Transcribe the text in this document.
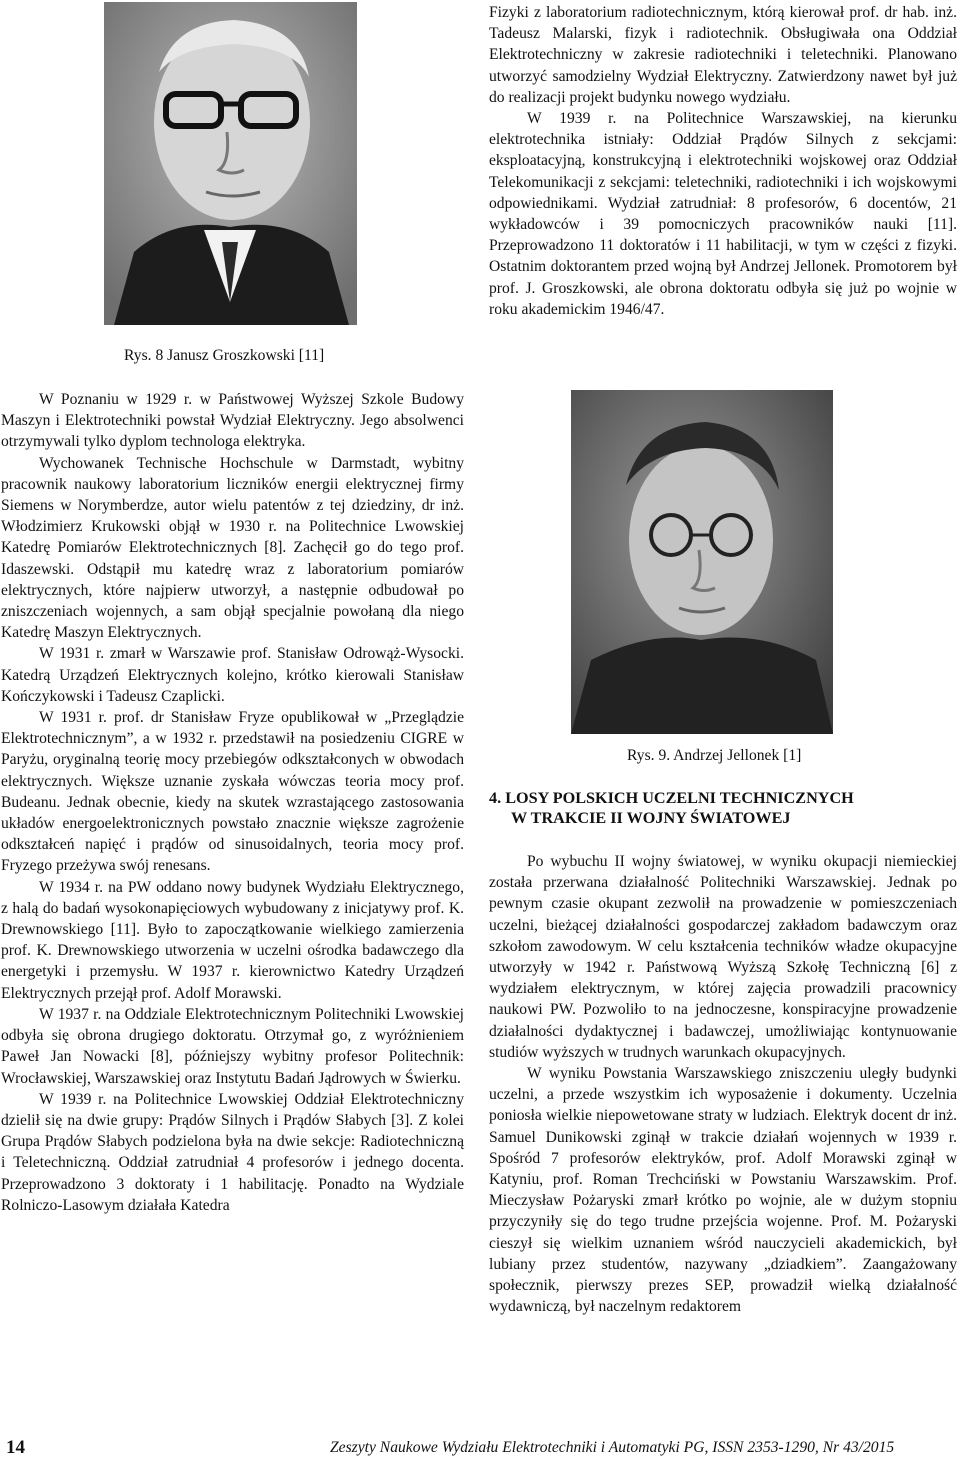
Rys. 8 Janusz Groszkowski [11]
Rys. 9. Andrzej Jellonek [1]

Fizyki z laboratorium radiotechnicznym, którą kierował prof. dr hab. inż. Tadeusz Malarski, fizyk i radiotechnik. Obsługiwała ona Oddział Elektrotechniczny w zakresie radiotechniki i teletechniki. Planowano utworzyć samodzielny Wydział Elektryczny. Zatwierdzony nawet był już do realizacji projekt budynku nowego wydziału.

W 1939 r. na Politechnice Warszawskiej, na kierunku elektrotechnika istniały: Oddział Prądów Silnych z sekcjami: eksploatacyjną, konstrukcyjną i elektrotechniki wojskowej oraz Oddział Telekomunikacji z sekcjami: teletechniki, radiotechniki i ich wojskowymi odpowiednikami. Wydział zatrudniał: 8 profesorów, 6 docentów, 21 wykładowców i 39 pomocniczych pracowników nauki [11]. Przeprowadzono 11 doktoratów i 11 habilitacji, w tym w części z fizyki. Ostatnim doktorantem przed wojną był Andrzej Jellonek. Promotorem był prof. J. Groszkowski, ale obrona doktoratu odbyła się już po wojnie w roku akademickim 1946/47.

W Poznaniu w 1929 r. w Państwowej Wyższej Szkole Budowy Maszyn i Elektrotechniki powstał Wydział Elektryczny. Jego absolwenci otrzymywali tylko dyplom technologa elektryka.

Wychowanek Technische Hochschule w Darmstadt, wybitny pracownik naukowy laboratorium liczników energii elektrycznej firmy Siemens w Norymberdze, autor wielu patentów z tej dziedziny, dr inż. Włodzimierz Krukowski objął w 1930 r. na Politechnice Lwowskiej Katedrę Pomiarów Elektrotechnicznych [8]. Zachęcił go do tego prof. Idaszewski. Odstąpił mu katedrę wraz z laboratorium pomiarów elektrycznych, które najpierw utworzył, a następnie odbudował po zniszczeniach wojennych, a sam objął specjalnie powołaną dla niego Katedrę Maszyn Elektrycznych.

W 1931 r. zmarł w Warszawie prof. Stanisław Odrowąż-Wysocki. Katedrą Urządzeń Elektrycznych kolejno, krótko kierowali Stanisław Kończykowski i Tadeusz Czaplicki.

W 1931 r. prof. dr Stanisław Fryze opublikował w „Przeglądzie Elektrotechnicznym”, a w 1932 r. przedstawił na posiedzeniu CIGRE w Paryżu, oryginalną teorię mocy przebiegów odkształconych w obwodach elektrycznych. Większe uznanie zyskała wówczas teoria mocy prof. Budeanu. Jednak obecnie, kiedy na skutek wzrastającego zastosowania układów energoelektronicznych powstało znacznie większe zagrożenie odkształceń napięć i prądów od sinusoidalnych, teoria mocy prof. Fryzego przeżywa swój renesans.

W 1934 r. na PW oddano nowy budynek Wydziału Elektrycznego, z halą do badań wysokonapięciowych wybudowany z inicjatywy prof. K. Drewnowskiego [11]. Było to zapoczątkowanie wielkiego zamierzenia prof. K. Drewnowskiego utworzenia w uczelni ośrodka badawczego dla energetyki i przemysłu. W 1937 r. kierownictwo Katedry Urządzeń Elektrycznych przejął prof. Adolf Morawski.

W 1937 r. na Oddziale Elektrotechnicznym Politechniki Lwowskiej odbyła się obrona drugiego doktoratu. Otrzymał go, z wyróżnieniem Paweł Jan Nowacki [8], późniejszy wybitny profesor Politechnik: Wrocławskiej, Warszawskiej oraz Instytutu Badań Jądrowych w Świerku.

W 1939 r. na Politechnice Lwowskiej Oddział Elektrotechniczny dzielił się na dwie grupy: Prądów Silnych i Prądów Słabych [3]. Z kolei Grupa Prądów Słabych podzielona była na dwie sekcje: Radiotechniczną i Teletechniczną. Oddział zatrudniał 4 profesorów i jednego docenta. Przeprowadzono 3 doktoraty i 1 habilitację. Ponadto na Wydziale Rolniczo-Lasowym działała Katedra

4. LOSY POLSKICH UCZELNI TECHNICZNYCH
W TRAKCIE II WOJNY ŚWIATOWEJ

Po wybuchu II wojny światowej, w wyniku okupacji niemieckiej została przerwana działalność Politechniki Warszawskiej. Jednak po pewnym czasie okupant zezwolił na prowadzenie w pomieszczeniach uczelni, bieżącej działalności gospodarczej zakładom badawczym oraz szkołom zawodowym. W celu kształcenia techników władze okupacyjne utworzyły w 1942 r. Państwową Wyższą Szkołę Techniczną [6] z wydziałem elektrycznym, w której zajęcia prowadzili pracownicy naukowi PW. Pozwoliło to na jednoczesne, konspiracyjne prowadzenie działalności dydaktycznej i badawczej, umożliwiając kontynuowanie studiów wyższych w trudnych warunkach okupacyjnych.

W wyniku Powstania Warszawskiego zniszczeniu uległy budynki uczelni, a przede wszystkim ich wyposażenie i dokumenty. Uczelnia poniosła wielkie niepowetowane straty w ludziach. Elektryk docent dr inż. Samuel Dunikowski zginął w trakcie działań wojennych w 1939 r. Spośród 7 profesorów elektryków, prof. Adolf Morawski zginął w Katyniu, prof. Roman Trechciński w Powstaniu Warszawskim. Prof. Mieczysław Pożaryski zmarł krótko po wojnie, ale w dużym stopniu przyczyniły się do tego trudne przejścia wojenne. Prof. M. Pożaryski cieszył się wielkim uznaniem wśród nauczycieli akademickich, był lubiany przez studentów, nazywany „dziadkiem”. Zaangażowany społecznik, pierwszy prezes SEP, prowadził wielką działalność wydawniczą, był naczelnym redaktorem

14	Zeszyty Naukowe Wydziału Elektrotechniki i Automatyki PG, ISSN 2353-1290, Nr 43/2015
